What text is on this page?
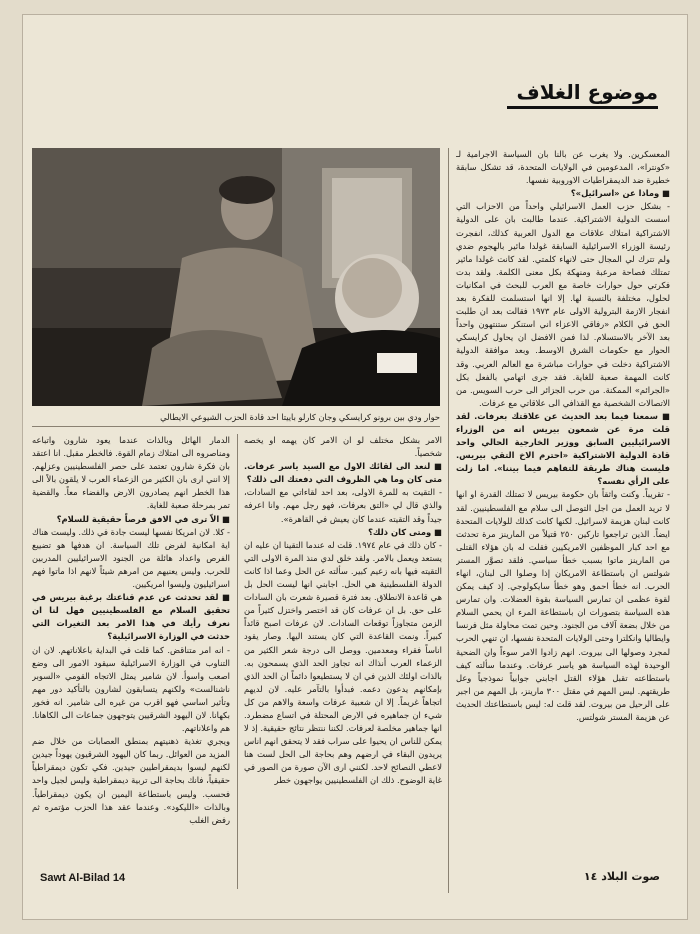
موضوع الغلاف
حوار ودي بين برونو كرايسكي وجان كارلو باييتا احد قادة الحزب الشيوعي الايطالي

المعسكرين. ولا يغرب عن بالنا بان السياسة الاجرامية لـ «كونترا»، المدعومين في الولايات المتحدة، قد تشكل سابقة خطيرة ضد الديمقراطيات الاوروبية نفسها.

■ وماذا عن «اسرائيل»؟

- بشكل حزب العمل الاسرائيلي واحداً من الاحزاب التي اسست الدولية الاشتراكية. عندما طالبت بان على الدولية الاشتراكية امتلاك علاقات مع الدول العربية كذلك، انفجرت رئيسة الوزراء الاسرائيلية السابقة غولدا مائير بالهجوم ضدي ولم تترك لي المجال حتى لانهاء كلمتي. لقد كانت غولدا مائير تمتلك فصاحة مرعبة ومنهكة بكل معنى الكلمة. ولقد بدت فكرتي حول حوارات خاصة مع العرب للبحث في امكانيات لحلول، مختلفة بالنسبة لها. إلا انها استسلمت للفكرة بعد انفجار الازمة البترولية الاولى عام ١٩٧٣ فقالت بعد ان طلبت الحق في الكلام «رفاقي الاعزاء اني استنكر ستنتهون واحداً بعد الآخر بالاستسلام. لذا فمن الافضل ان يحاول كرايسكي الحوار مع حكومات الشرق الاوسط. وبعد موافقة الدولية الاشتراكية دخلت في حوارات مباشرة مع العالم العربي. وقد كانت المهمة صعبة للغاية. فقد جرى اتهامي بالفعل بكل «الجرائم» الممكنة. من حرب الجزائر الى حرب السويس. من الاتصالات الشخصية مع القذافي الى علاقاتي مع عرفات.

■ سمعنا فيما بعد الحديث عن علاقتك بعرفات. لقد قلت مرة عن شمعون بيريس انه من الوزراء الاسرائيليين السابق ووزير الخارجية الحالي واحد قادة الدولية الاشتراكية «احترم الاخ التقي بيريس. فليست هناك طريقة للتفاهم فيما بيننا». اما زلت على الرأي نفسه؟

- تقريباً. وكنت واثقاً بان حكومة بيريس لا تمتلك القدرة او انها لا تريد العمل من اجل التوصل الى سلام مع الفلسطينيين. لقد كانت لبنان هزيمة لاسرائيل. لكنها كانت كذلك للولايات المتحدة ايضاً. الذين تراجعوا تاركين ٢٥٠ قتيلاً من المارينز مرة تحدثت مع احد كبار الموظفين الامريكيين فقلت له بان هؤلاء القتلى من المارينز ماتوا بسبب خطأ سياسي. فلقد تصوَّر المستر شولتس ان باستطاعة الامريكان إذا وصلوا الى لبنان، انهاء الحرب. انه خطأ احمق وهو خطأ سايكولوجي. إذ كيف يمكن لقوة عظمى ان تمارس السياسة بقوة العضلات. وان تمارس هذه السياسة بتصورات ان باستطاعة المرء ان يحمي السلام من خلال بضعة آلاف من الجنود. وحين تمت محاولة مثل فرنسا وايطاليا وانكلترا وحتى الولايات المتحدة نفسها، ان تنهي الحرب لمجرد وصولها الى بيروت. انهم زادوا الامر سوءاً وان الضحية الوحيدة لهذه السياسة هو ياسر عرفات. وعندما سألته كيف باستطاعته تقبل هؤلاء القتل اجابني جوابياً نموذجياً وعل طريقتهم. ليس المهم في مقتل ٣٠٠ مارينز، بل المهم من اجبر على الرحيل من بيروت. لقد قلت له: ليس باستطاعتك الحديث عن هزيمة المستر شولتس.

الامر بشكل مختلف لو ان الامر كان يهمه او يخصه شخصياً.

■ لنعد الى لقائك الاول مع السيد ياسر عرفات. متى كان وما هي الظروف التي دفعتك الى ذلك؟

- التقيت به للمرة الاولى، بعد احد لقاءاتي مع السادات، والذي قال لي «التق بعرفات، فهو رجل مهم. وانا اعرفه جيداً وقد التقيته عندما كان يعيش في القاهرة».

■ ومتى كان ذلك؟

- كان ذلك في عام ١٩٧٤. قلت له عندما التقينا ان عليه ان يستعد ويعمل بالامر. ولقد خلق لدي منذ المرة الاولى التي التقيته فيها بانه زعيم كبير. سألته عن الحل وعما اذا كانت الدولة الفلسطينية هي الحل. اجابني انها ليست الحل بل هي قاعدة الانطلاق. بعد فترة قصيرة شعرت بان السادات على حق. بل ان عرفات كان قد اختصر واختزل كثيراً من الزمن متجاوزاً توقعات السادات. لان عرفات اصبح قائداً كبيراً. ونمت القاعدة التي كان يستند اليها. وصار يقود اناساً فقراء ومعدمين. ووصل الى درجة شعر الكثير من الزعماء العرب أنذاك انه تجاوز الحد الذي يسمحون به. بالذات اولئك الذين في ان لا يستطيعوا دائماً ان الحد الذي بإمكانهم يدعون دعمه. فبدأوا بالتآمر عليه. لان لديهم اتجاهاً غريماً. إلا ان شعبية عرفات واسعة والاهم من كل شيء ان جماهيره في الارض المحتلة في اتساع مضطرد. انها جماهير مخلصة لعرفات. لكننا ننتظر نتائج حقيقية. إذ لا يمكن للناس ان يحيوا على سراب فقد لا يتحقق انهم اناس يريدون البقاء في ارضهم وهم بحاجة الى الحل لست هنا لاعطي النصائح لاحد. لكنني ارى الآن صورة من الصور في غاية الوضوح. ذلك ان الفلسطينيين يواجهون خطر

الدمار الهائل وبالذات عندما يعود شارون واتباعه ومناصروه الى امتلاك زمام القوة. فالخطر مقبل. انا اعتقد بان فكرة شارون تعتمد على حصر الفلسطينيين وعزلهم. إلا انني ارى بان الكثير من الزعماء العرب لا يلقون بالاً الى هذا الخطر انهم يصادرون الارض والفضاء معاً. والقضية تمر بمرحلة صعبة للغاية.

■ الاّ ترى في الافق فرصاً حقيقية للسلام؟

- كلا. لان امريكا نفسها ليست جادة في ذلك. وليست هناك اية امكانية لفرض تلك السياسة. ان هدفها هو تضييع الفرص واعداد هائلة من الجنود الاسرائيليين المدربين للحرب. وليس يعنيهم من امرهم شيئاً لانهم اذا ماتوا فهم اسرائيليون وليسوا امريكيين.

■ لقد تحدثت عن عدم قناعتك برغبة بيريس في تحقيق السلام مع الفلسطينيين فهل لنا ان نعرف رأيك في هذا الامر بعد التغيرات التي حدثت في الوزارة الاسرائيلية؟

- انه امر متناقض. كما قلت في البداية باعلاناتهم. لان ان التناوب في الوزارة الاسرائيلية سيقود الامور الى وضع اصعب واسوأ. لان شامير يمثل الاتجاه القومي «السوبر ناشنالست» ولكنهم يتسابقون لشارون بالتأكيد دور مهم وتأثير اساسي فهو اقرب من غيره الى شامير. انه فخور بكهانا. لان اليهود الشرقيين يتوجهون جماعات الى الكاهانا. هم واعلاناتهم.

ويجري تغذية ذهنيتهم بمنطق العصابات من خلال ضم المزيد من العوائل. ربما كان اليهود الشرقيون يهوداً جيدين لكنهم ليسوا بديمقراطيين جيدين. فكي تكون ديمقراطياً حقيقياً، فانك بحاجة الى تربية ديمقراطية وليس لجيل واحد فحسب. وليس باستطاعة اليمين ان يكون ديمقراطياً. وبالذات «الليكود». وعندما عقد هذا الحزب مؤتمره ثم رفض الغلب

Sawt Al-Bilad 14	صوت البلاد ١٤
